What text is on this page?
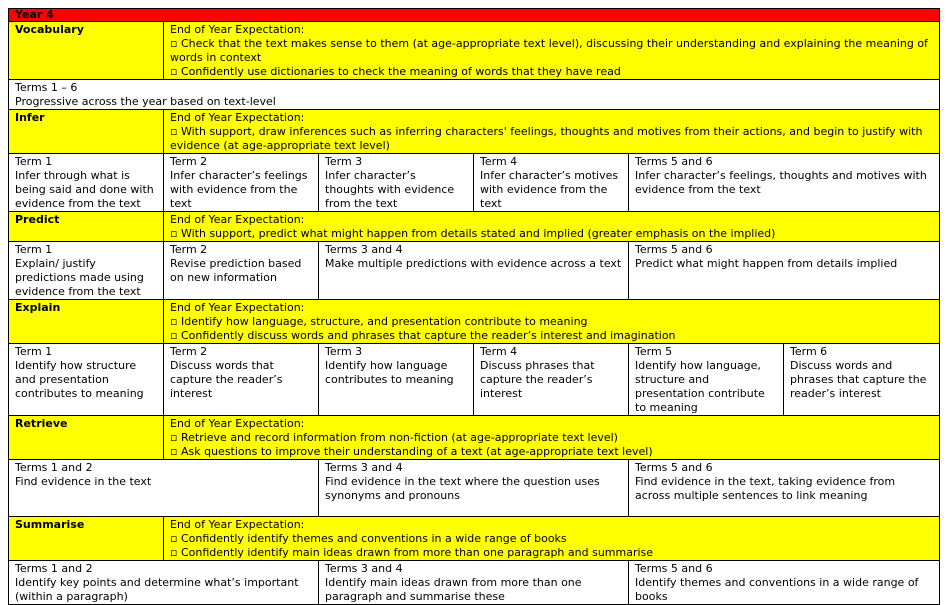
Year 4					
Vocabulary	End of Year Expectation:
▫ Check that the text makes sense to them (at age-appropriate text level), discussing their understanding and explaining the meaning of words in context
▫ Confidently use dictionaries to check the meaning of words that they have read				

Terms 1 – 6
Progressive across the year based on text-level					

Infer	End of Year Expectation:
▫ With support, draw inferences such as inferring characters' feelings, thoughts and motives from their actions, and begin to justify with evidence (at age-appropriate text level)				

Term 1
Infer through what is being said and done with evidence from the text	Term 2
Infer character’s feelings with evidence from the text	Term 3
Infer character’s thoughts with evidence from the text	Term 4
Infer character’s motives with evidence from the text	Terms 5 and 6
Infer character’s feelings, thoughts and motives with evidence from the text	

Predict	End of Year Expectation:
▫ With support, predict what might happen from details stated and implied (greater emphasis on the implied)				

Term 1
Explain/ justify predictions made using evidence from the text	Term 2
Revise prediction based on new information	Terms 3 and 4
Make multiple predictions with evidence across a text		Terms 5 and 6
Predict what might happen from details implied	

Explain	End of Year Expectation:
▫ Identify how language, structure, and presentation contribute to meaning
▫ Confidently discuss words and phrases that capture the reader’s interest and imagination				

Term 1
Identify how structure and presentation contributes to meaning	Term 2
Discuss words that capture the reader’s interest	Term 3
Identify how language contributes to meaning	Term 4
Discuss phrases that capture the reader’s interest	Term 5
Identify how language, structure and presentation contribute to meaning	Term 6
Discuss words and phrases that capture the reader’s interest

Retrieve	End of Year Expectation:
▫ Retrieve and record information from non-fiction (at age-appropriate text level)
▫ Ask questions to improve their understanding of a text (at age-appropriate text level)				

Terms 1 and 2
Find evidence in the text		Terms 3 and 4
Find evidence in the text where the question uses synonyms and pronouns		Terms 5 and 6
Find evidence in the text, taking evidence from across multiple sentences to link meaning	

Summarise	End of Year Expectation:
▫ Confidently identify themes and conventions in a wide range of books
▫ Confidently identify main ideas drawn from more than one paragraph and summarise				

Terms 1 and 2
Identify key points and determine what’s important (within a paragraph)		Terms 3 and 4
Identify main ideas drawn from more than one paragraph and summarise these		Terms 5 and 6
Identify themes and conventions in a wide range of books	
